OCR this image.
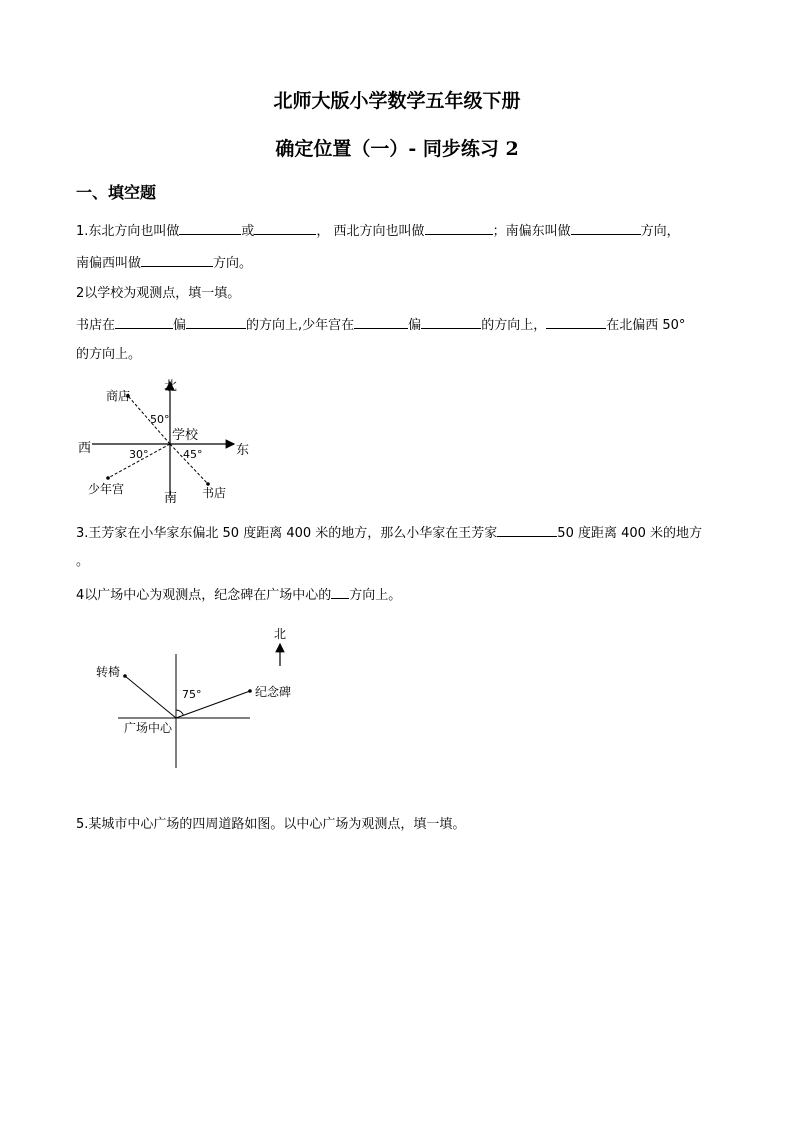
北师大版小学数学五年级下册
确定位置（一）- 同步练习 2
一、填空题
1.东北方向也叫做	或	， 西北方向也叫做	；南偏东叫做	方向，
南偏西叫做	方向。
2以学校为观测点，填一填。
书店在	偏	的方向上,少年宫在	偏	的方向上，	在北偏西 50°
的方向上。
北
南
东
西
学校
商店
少年宫	书店
50°
30°	45°
3.王芳家在小华家东偏北 50 度距离 400 米的地方，那么小华家在王芳家	50 度距离 400 米的地方
。
4以广场中心为观测点，纪念碑在广场中心的 方向上。
北
转椅
纪念碑
广场中心
75°
5.某城市中心广场的四周道路如图。以中心广场为观测点，填一填。
